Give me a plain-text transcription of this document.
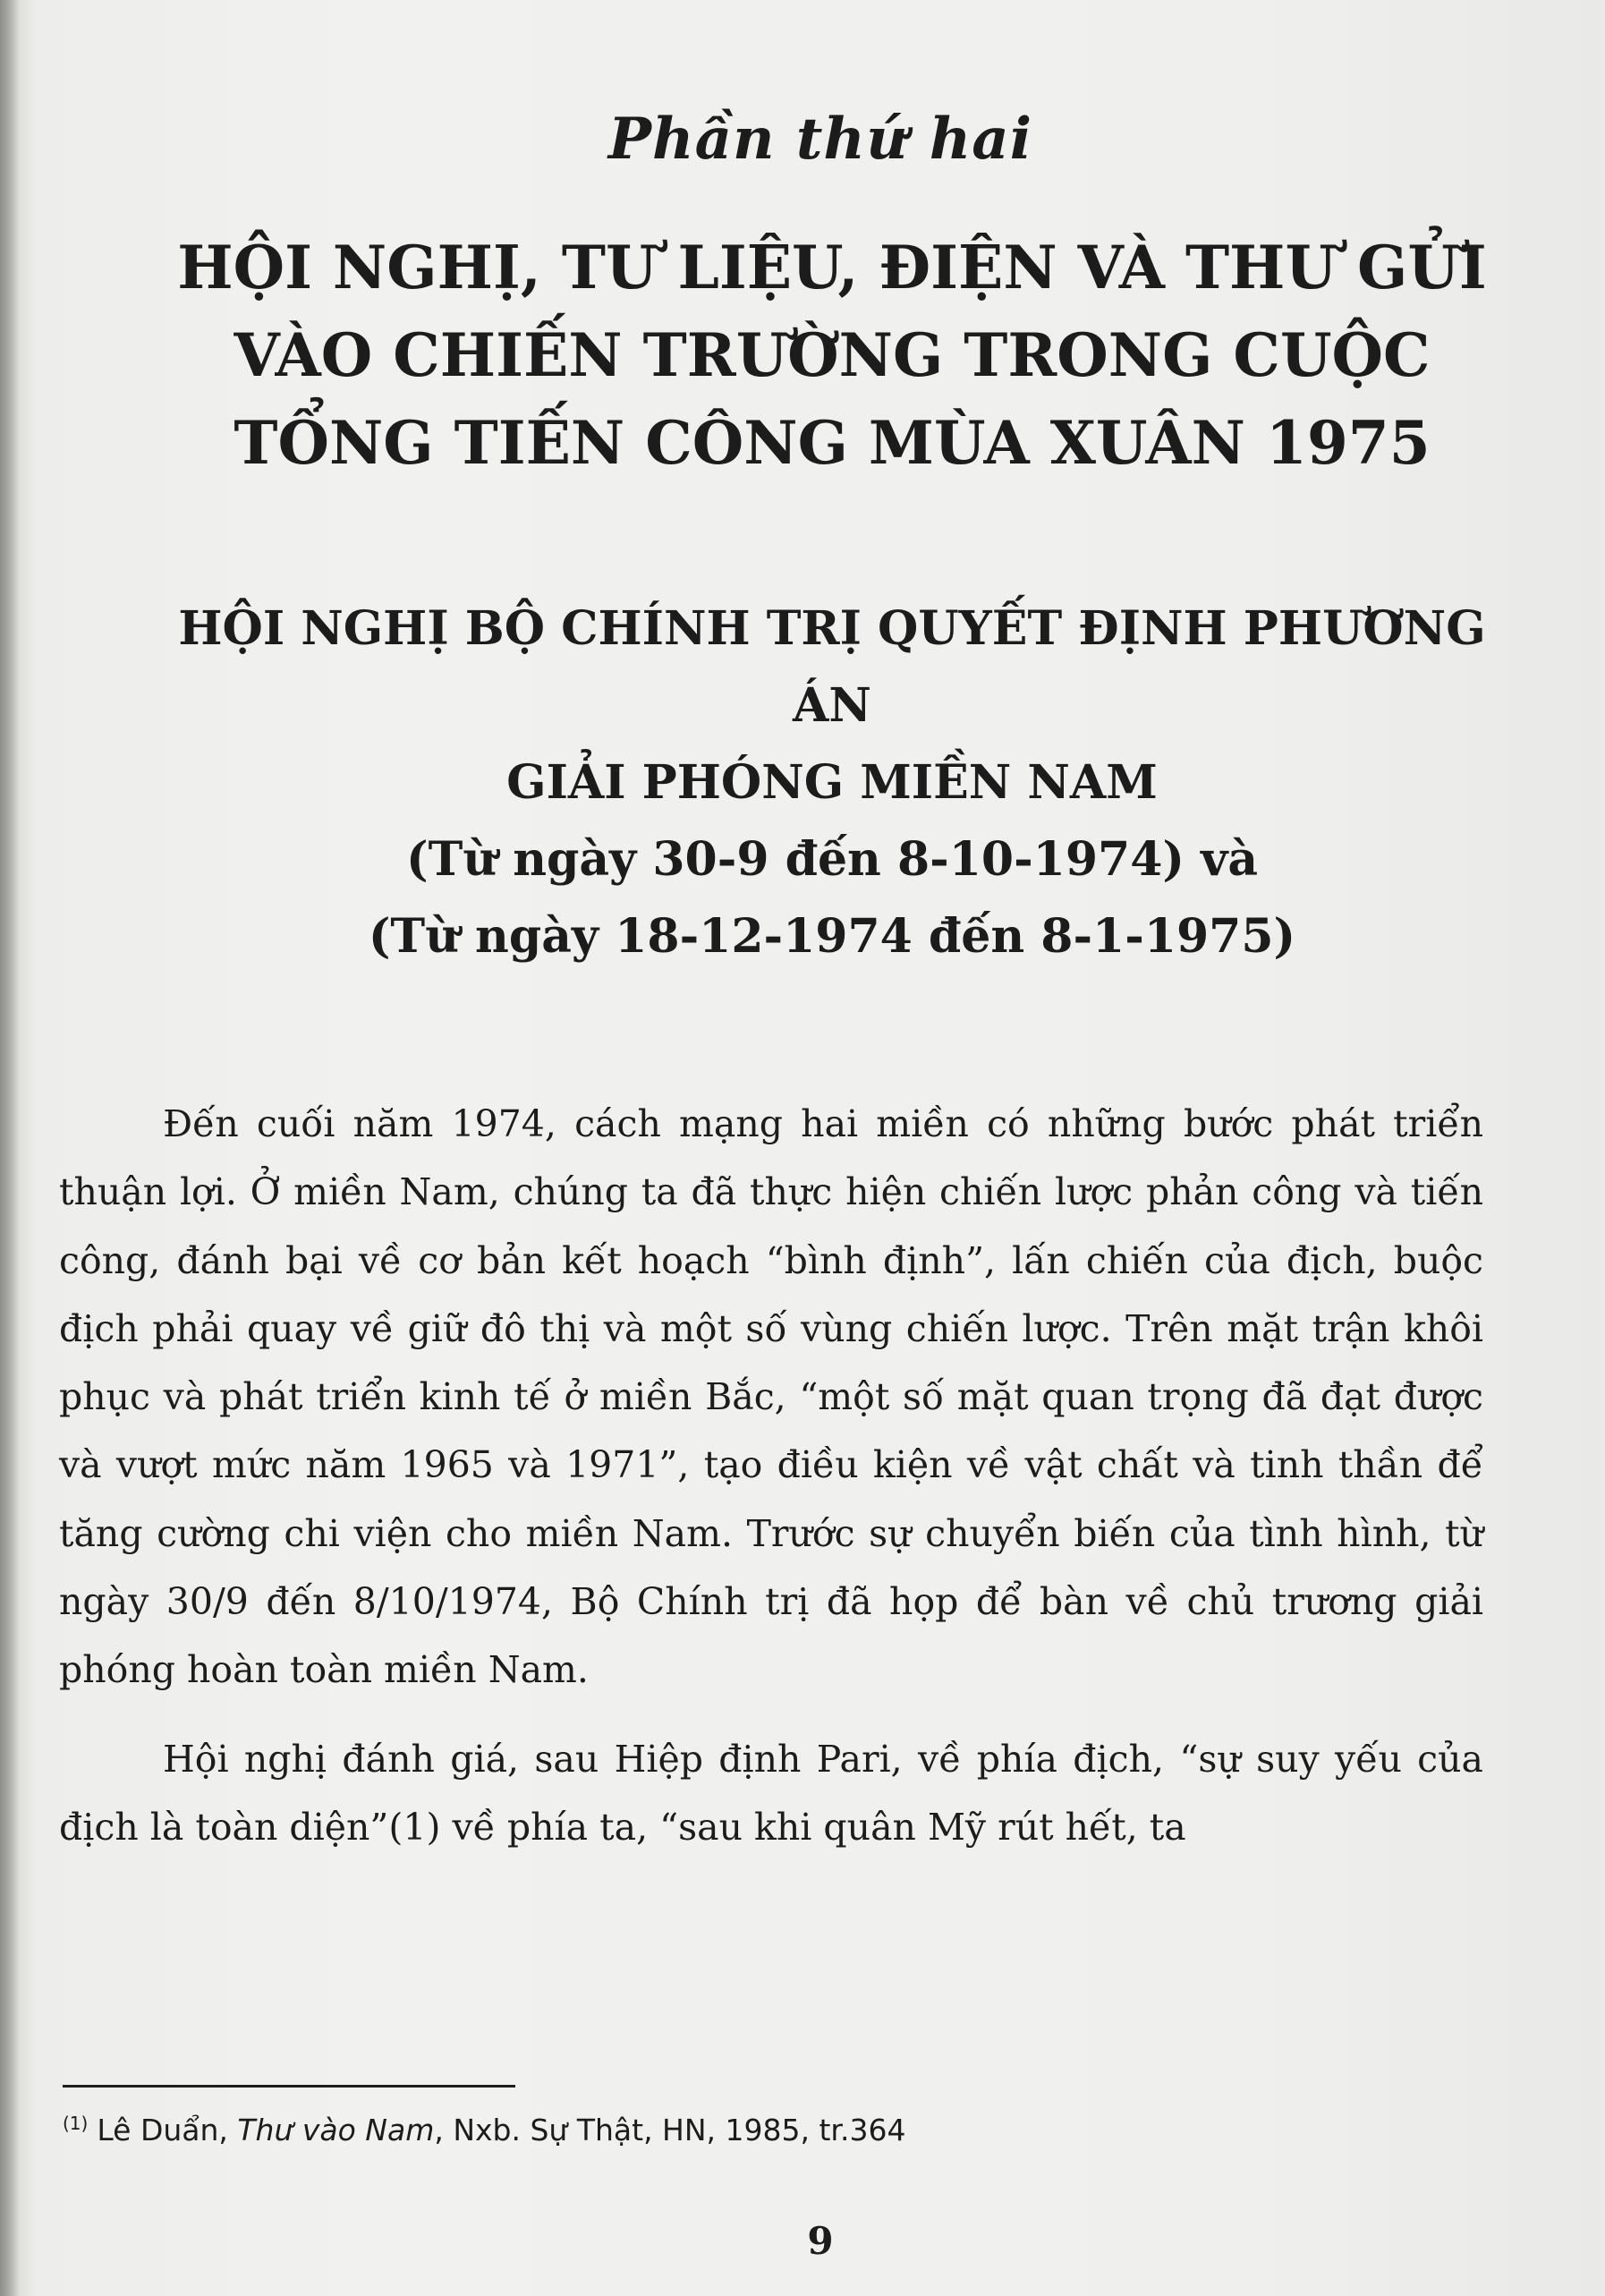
Phần thứ hai
HỘI NGHỊ, TƯ LIỆU, ĐIỆN VÀ THƯ GỬI
VÀO CHIẾN TRƯỜNG TRONG CUỘC
TỔNG TIẾN CÔNG MÙA XUÂN 1975
HỘI NGHỊ BỘ CHÍNH TRỊ QUYẾT ĐỊNH PHƯƠNG
ÁN
GIẢI PHÓNG MIỀN NAM
(Từ ngày 30-9 đến 8-10-1974) và
(Từ ngày 18-12-1974 đến 8-1-1975)

Đến cuối năm 1974, cách mạng hai miền có những bước phát triển thuận lợi. Ở miền Nam, chúng ta đã thực hiện chiến lược phản công và tiến công, đánh bại về cơ bản kết hoạch “bình định”, lấn chiến của địch, buộc địch phải quay về giữ đô thị và một số vùng chiến lược. Trên mặt trận khôi phục và phát triển kinh tế ở miền Bắc, “một số mặt quan trọng đã đạt được và vượt mức năm 1965 và 1971”, tạo điều kiện về vật chất và tinh thần để tăng cường chi viện cho miền Nam. Trước sự chuyển biến của tình hình, từ ngày 30/9 đến 8/10/1974, Bộ Chính trị đã họp để bàn về chủ trương giải phóng hoàn toàn miền Nam.

Hội nghị đánh giá, sau Hiệp định Pari, về phía địch, “sự suy yếu của địch là toàn diện”(1) về phía ta, “sau khi quân Mỹ rút hết, ta

$^{(1)}$ Lê Duẩn, Thư vào Nam, Nxb. Sự Thật, HN, 1985, tr.364
9
